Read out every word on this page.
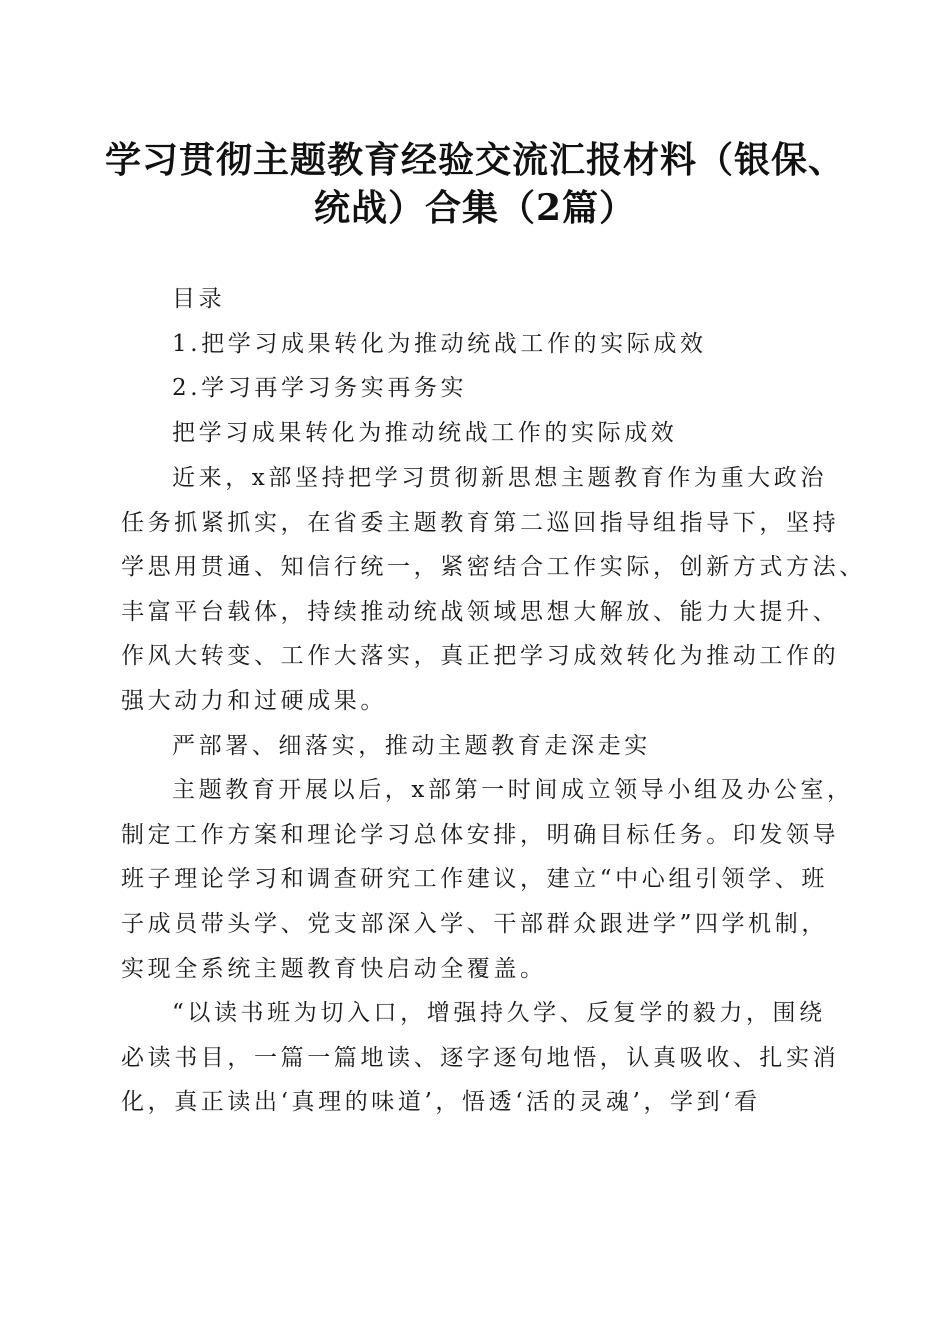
学习贯彻主题教育经验交流汇报材料（银保、
统战）合集（2篇）
目录
1.把学习成果转化为推动统战工作的实际成效
2.学习再学习务实再务实
把学习成果转化为推动统战工作的实际成效
近来，x部坚持把学习贯彻新思想主题教育作为重大政治
任务抓紧抓实，在省委主题教育第二巡回指导组指导下，坚持
学思用贯通、知信行统一，紧密结合工作实际，创新方式方法、
丰富平台载体，持续推动统战领域思想大解放、能力大提升、
作风大转变、工作大落实，真正把学习成效转化为推动工作的
强大动力和过硬成果。
严部署、细落实，推动主题教育走深走实
主题教育开展以后，x部第一时间成立领导小组及办公室，
制定工作方案和理论学习总体安排，明确目标任务。印发领导
班子理论学习和调查研究工作建议，建立“中心组引领学、班
子成员带头学、党支部深入学、干部群众跟进学”四学机制，
实现全系统主题教育快启动全覆盖。
“以读书班为切入口，增强持久学、反复学的毅力，围绕
必读书目，一篇一篇地读、逐字逐句地悟，认真吸收、扎实消
化，真正读出‘真理的味道’，悟透‘活的灵魂’，学到‘看
